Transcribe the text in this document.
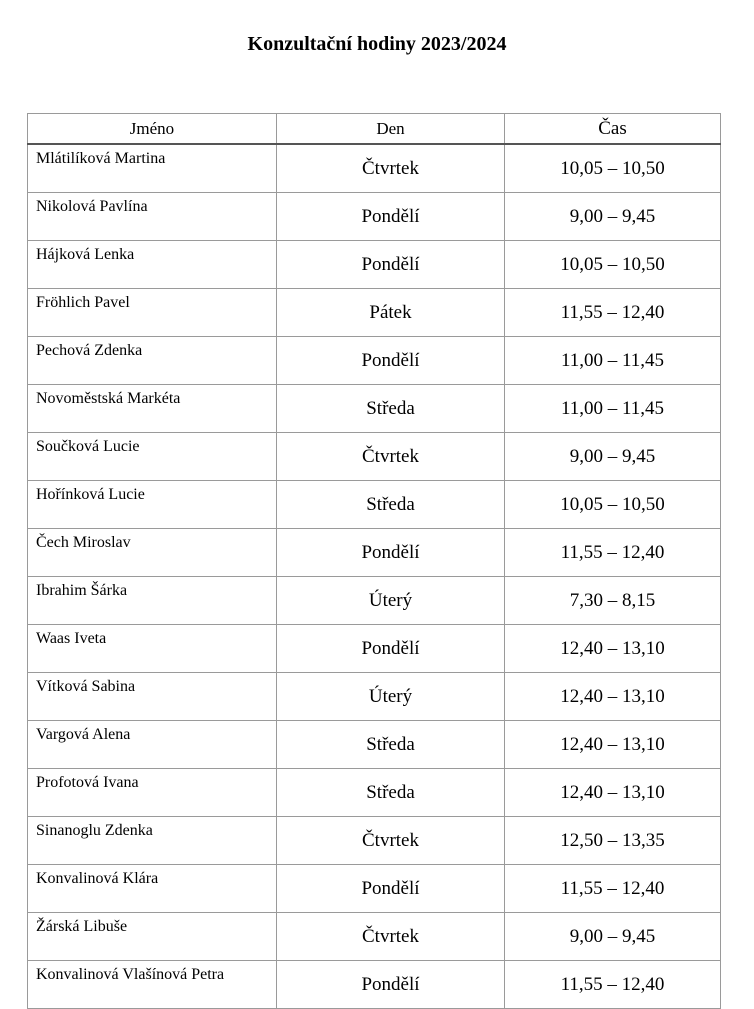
Konzultační hodiny 2023/2024
Jméno	Den	Čas
Mlátilíková Martina	Čtvrtek	10,05 – 10,50
Nikolová Pavlína	Pondělí	9,00 – 9,45
Hájková Lenka	Pondělí	10,05 – 10,50
Fröhlich Pavel	Pátek	11,55 – 12,40
Pechová Zdenka	Pondělí	11,00 – 11,45
Novoměstská Markéta	Středa	11,00 – 11,45
Součková Lucie	Čtvrtek	9,00 – 9,45
Hořínková Lucie	Středa	10,05 – 10,50
Čech Miroslav	Pondělí	11,55 – 12,40
Ibrahim Šárka	Úterý	7,30 – 8,15
Waas Iveta	Pondělí	12,40 – 13,10
Vítková Sabina	Úterý	12,40 – 13,10
Vargová Alena	Středa	12,40 – 13,10
Profotová Ivana	Středa	12,40 – 13,10
Sinanoglu Zdenka	Čtvrtek	12,50 – 13,35
Konvalinová Klára	Pondělí	11,55 – 12,40
Žárská Libuše	Čtvrtek	9,00 – 9,45
Konvalinová Vlašínová Petra	Pondělí	11,55 – 12,40
